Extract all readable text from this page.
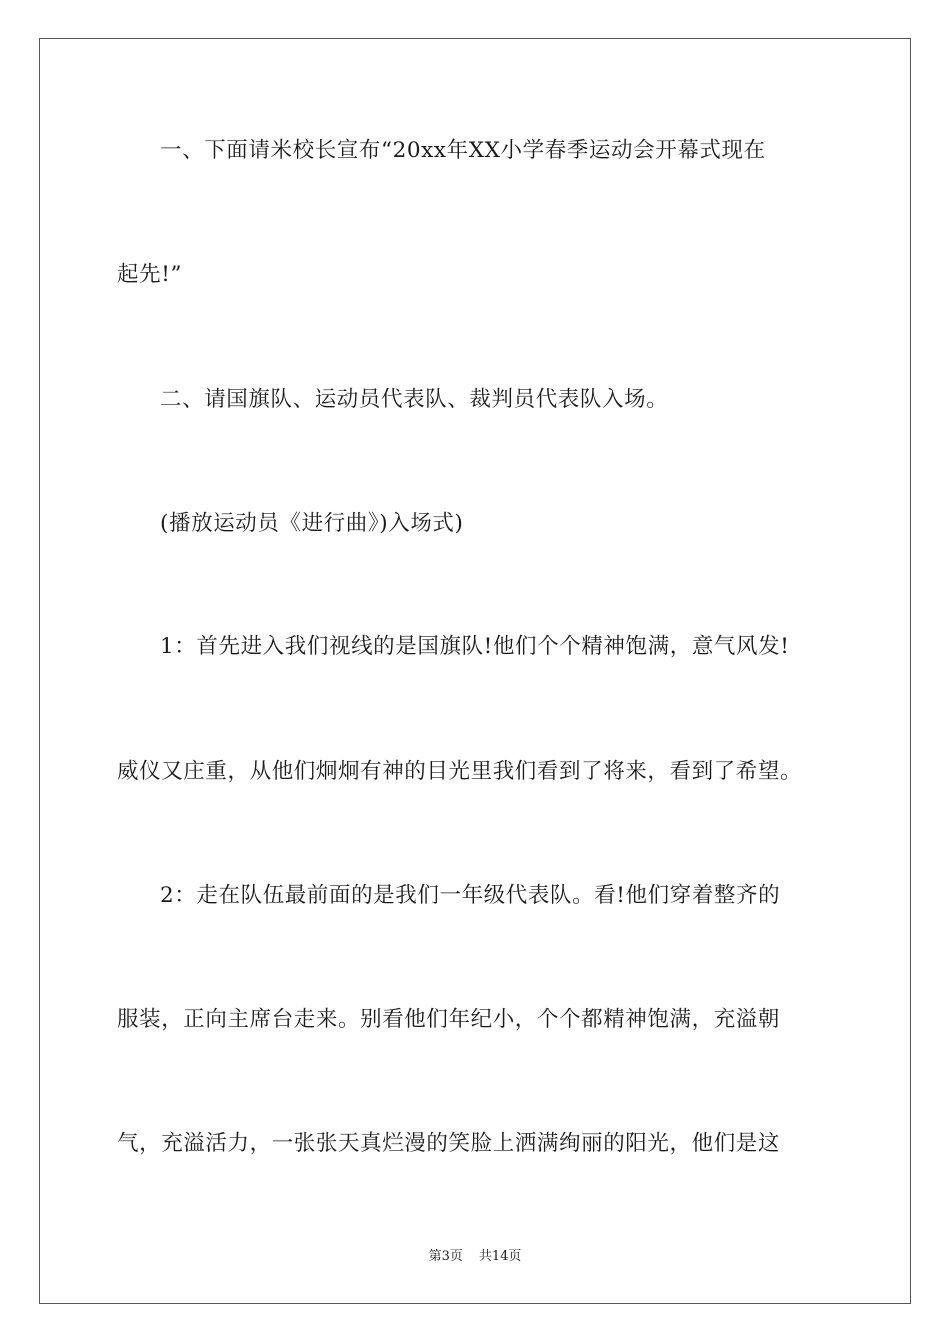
一、下面请米校长宣布“20xx年XX小学春季运动会开幕式现在
起先!”
二、请国旗队、运动员代表队、裁判员代表队入场。
(播放运动员《进行曲》)入场式)
1：首先进入我们视线的是国旗队!他们个个精神饱满，意气风发!
威仪又庄重，从他们炯炯有神的目光里我们看到了将来，看到了希望。
2：走在队伍最前面的是我们一年级代表队。看!他们穿着整齐的
服装，正向主席台走来。别看他们年纪小，个个都精神饱满，充溢朝
气，充溢活力，一张张天真烂漫的笑脸上洒满绚丽的阳光，他们是这
第3页 共14页
